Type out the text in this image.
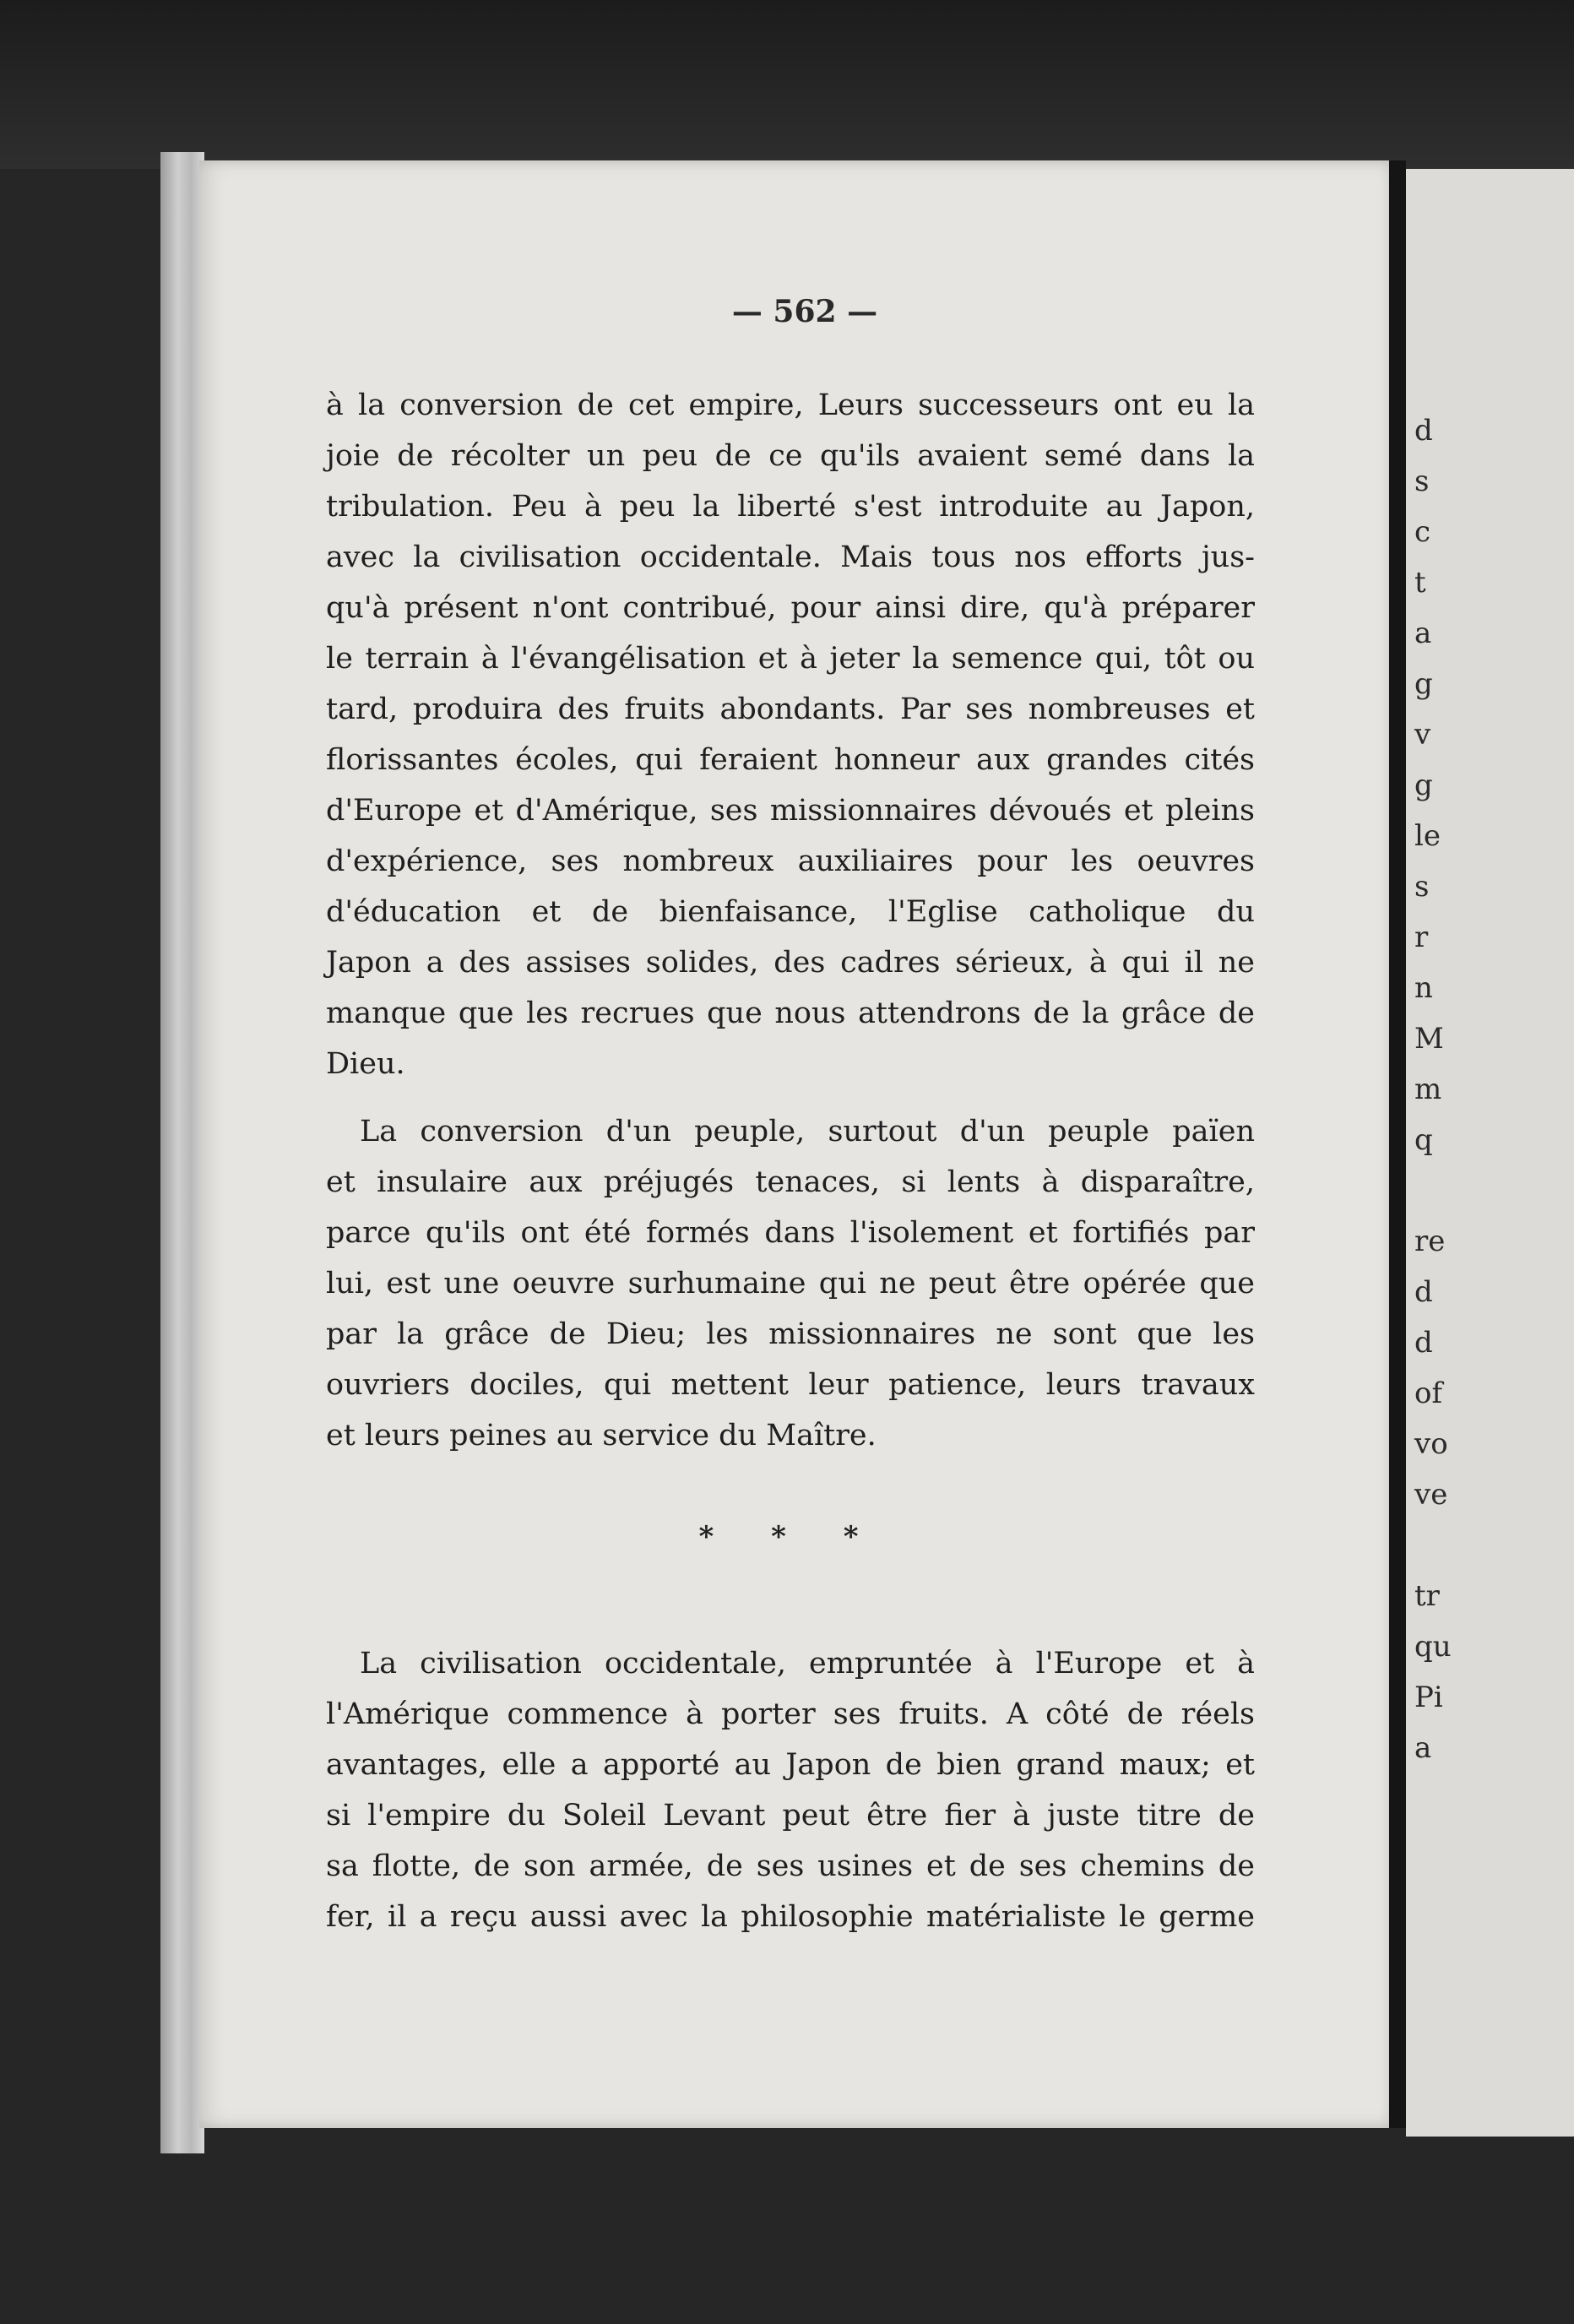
— 562 —
à la conversion de cet empire, Leurs successeurs ont eu la
joie de récolter un peu de ce qu'ils avaient semé dans la
tribulation. Peu à peu la liberté s'est introduite au Japon,
avec la civilisation occidentale. Mais tous nos efforts jus-
qu'à présent n'ont contribué, pour ainsi dire, qu'à préparer
le terrain à l'évangélisation et à jeter la semence qui, tôt ou
tard, produira des fruits abondants. Par ses nombreuses et
florissantes écoles, qui feraient honneur aux grandes cités
d'Europe et d'Amérique, ses missionnaires dévoués et pleins
d'expérience, ses nombreux auxiliaires pour les oeuvres
d'éducation et de bienfaisance, l'Eglise catholique du
Japon a des assises solides, des cadres sérieux, à qui il ne
manque que les recrues que nous attendrons de la grâce de
Dieu.
La conversion d'un peuple, surtout d'un peuple païen
et insulaire aux préjugés tenaces, si lents à disparaître,
parce qu'ils ont été formés dans l'isolement et fortifiés par
lui, est une oeuvre surhumaine qui ne peut être opérée que
par la grâce de Dieu; les missionnaires ne sont que les
ouvriers dociles, qui mettent leur patience, leurs travaux
et leurs peines au service du Maître.
* * *
La civilisation occidentale, empruntée à l'Europe et à
l'Amérique commence à porter ses fruits. A côté de réels
avantages, elle a apporté au Japon de bien grand maux; et
si l'empire du Soleil Levant peut être fier à juste titre de
sa flotte, de son armée, de ses usines et de ses chemins de
fer, il a reçu aussi avec la philosophie matérialiste le germe
d
s
c
t
a
g
v
g
le
s
r
n
M
m
q
re
d
d
of
vo
ve
tr
qu
Pi
a
